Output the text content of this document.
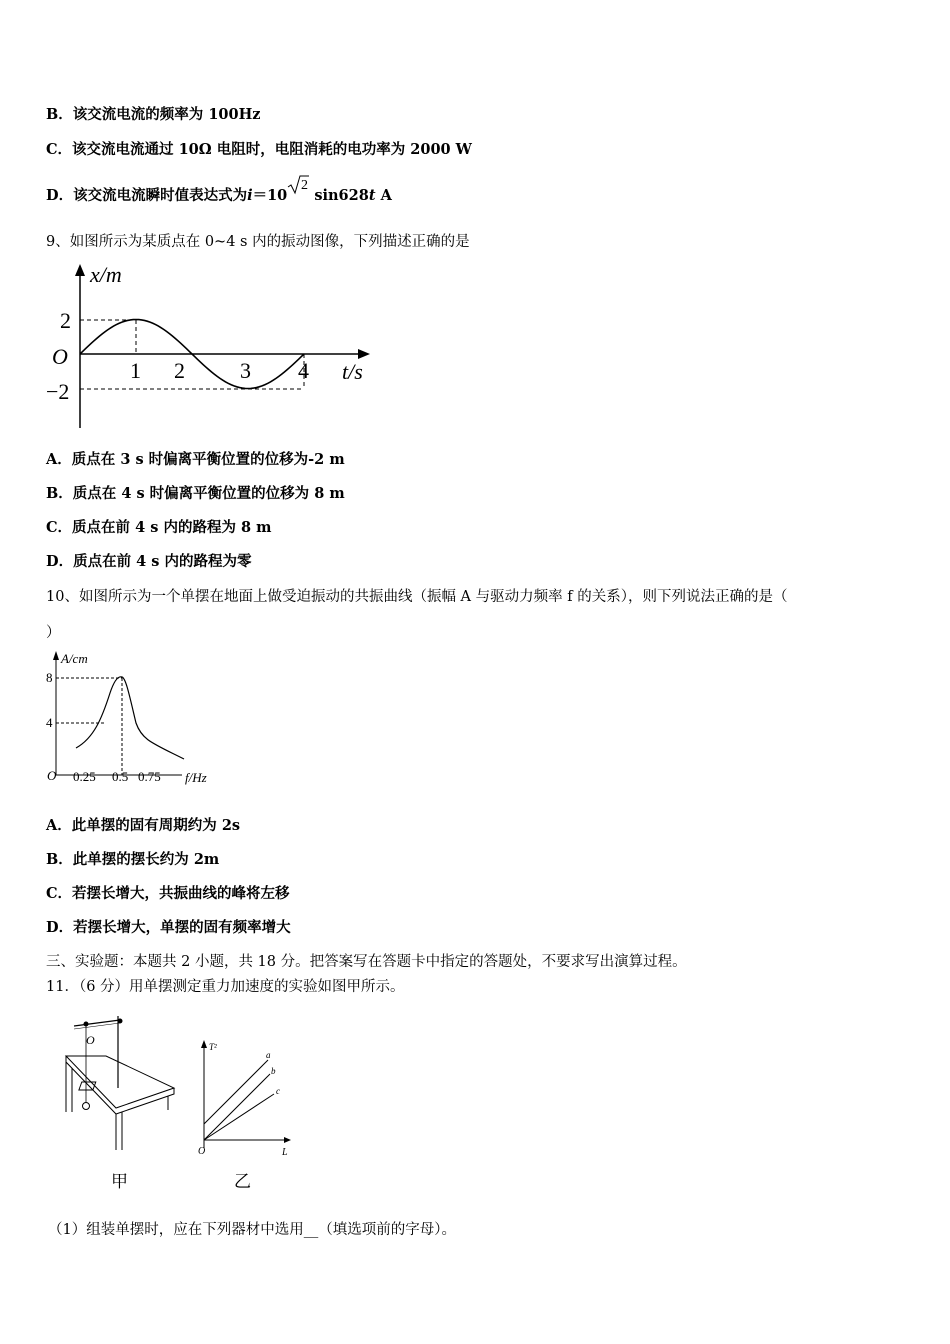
B．该交流电流的频率为 100Hz
C．该交流电流通过 10Ω 电阻时，电阻消耗的电功率为 2000 W
D．该交流电流瞬时值表达式为i＝10
2
sin628t A
9、如图所示为某质点在 0~4 s 内的振动图像，下列描述正确的是
x/m
t/s
O
2
−2
1 2	3 4
A．质点在 3 s 时偏离平衡位置的位移为-2 m
B．质点在 4 s 时偏离平衡位置的位移为 8 m
C．质点在前 4 s 内的路程为 8 m
D．质点在前 4 s 内的路程为零
10、如图所示为一个单摆在地面上做受迫振动的共振曲线（振幅 A 与驱动力频率 f 的关系），则下列说法正确的是（
）
A/cm
8
4
O 0.25 0.5 0.75 f/Hz
A．此单摆的固有周期约为 2s
B．此单摆的摆长约为 2m
C．若摆长增大，共振曲线的峰将左移
D．若摆长增大，单摆的固有频率增大
三、实验题：本题共 2 小题，共 18 分。把答案写在答题卡中指定的答题处，不要求写出演算过程。
11．（6 分）用单摆测定重力加速度的实验如图甲所示。
O
甲
T²
L
O
a
b
c
乙
（1）组装单摆时，应在下列器材中选用__（填选项前的字母）。
